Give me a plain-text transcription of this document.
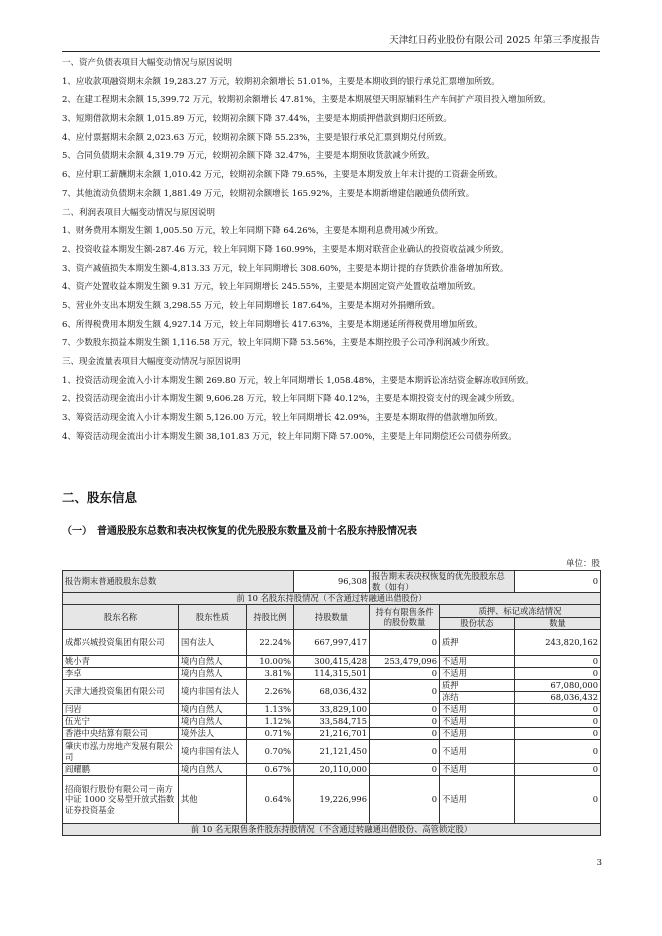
天津红日药业股份有限公司 2025 年第三季度报告
一、资产负债表项目大幅变动情况与原因说明
1、应收款项融资期末余额 19,283.27 万元，较期初余额增长 51.01%，主要是本期收到的银行承兑汇票增加所致。
2、在建工程期末余额 15,399.72 万元，较期初余额增长 47.81%，主要是本期展望天明原辅料生产车间扩产项目投入增加所致。
3、短期借款期末余额 1,015.89 万元，较期初余额下降 37.44%，主要是本期质押借款到期归还所致。
4、应付票据期末余额 2,023.63 万元，较期初余额下降 55.23%，主要是银行承兑汇票到期兑付所致。
5、合同负债期末余额 4,319.79 万元，较期初余额下降 32.47%，主要是本期预收货款减少所致。
6、应付职工薪酬期末余额 1,010.42 万元，较期初余额下降 79.65%，主要是本期发放上年末计提的工资薪金所致。
7、其他流动负债期末余额 1,881.49 万元，较期初余额增长 165.92%，主要是本期新增建信融通负债所致。
二、利润表项目大幅变动情况与原因说明
1、财务费用本期发生额 1,005.50 万元，较上年同期下降 64.26%，主要是本期利息费用减少所致。
2、投资收益本期发生额-287.46 万元，较上年同期下降 160.99%，主要是本期对联营企业确认的投资收益减少所致。
3、资产减值损失本期发生额-4,813.33 万元，较上年同期增长 308.60%，主要是本期计提的存货跌价准备增加所致。
4、资产处置收益本期发生额 9.31 万元，较上年同期增长 245.55%，主要是本期固定资产处置收益增加所致。
5、营业外支出本期发生额 3,298.55 万元，较上年同期增长 187.64%，主要是本期对外捐赠所致。
6、所得税费用本期发生额 4,927.14 万元，较上年同期增长 417.63%，主要是本期递延所得税费用增加所致。
7、少数股东损益本期发生额 1,116.58 万元，较上年同期下降 53.56%，主要是本期控股子公司净利润减少所致。
三、现金流量表项目大幅度变动情况与原因说明
1、投资活动现金流入小计本期发生额 269.80 万元，较上年同期增长 1,058.48%，主要是本期诉讼冻结资金解冻收回所致。
2、投资活动现金流出小计本期发生额 9,606.28 万元，较上年同期下降 40.12%，主要是本期投资支付的现金减少所致。
3、筹资活动现金流入小计本期发生额 5,126.00 万元，较上年同期增长 42.09%，主要是本期取得的借款增加所致。
4、筹资活动现金流出小计本期发生额 38,101.83 万元，较上年同期下降 57.00%，主要是上年同期偿还公司债券所致。
二、股东信息
（一）　普通股股东总数和表决权恢复的优先股股东数量及前十名股东持股情况表
单位：股
报告期末普通股股东总数			96,308	报告期末表决权恢复的优先股股东总数（如有）		0
前 10 名股东持股情况（不含通过转融通出借股份）						
股东名称	股东性质	持股比例	持股数量	持有有限售条件的股份数量	质押、标记或冻结情况	
					股份状态	数量
成都兴城投资集团有限公司	国有法人	22.24%	667,997,417	0	质押	243,820,162
姚小青	境内自然人	10.00%	300,415,428	253,479,096	不适用	0
李卓	境内自然人	3.81%	114,315,501	0	不适用	0
天津大通投资集团有限公司	境内非国有法人	2.26%	68,036,432	0	质押	67,080,000
					冻结	68,036,432
闫岩	境内自然人	1.13%	33,829,100	0	不适用	0
伍光宁	境内自然人	1.12%	33,584,715	0	不适用	0
香港中央结算有限公司	境外法人	0.71%	21,216,701	0	不适用	0
肇庆市泓力房地产发展有限公司	境内非国有法人	0.70%	21,121,450	0	不适用	0
阎耀鹏	境内自然人	0.67%	20,110,000	0	不适用	0
招商银行股份有限公司－南方中证 1000 交易型开放式指数证券投资基金	其他	0.64%	19,226,996	0	不适用	0
前 10 名无限售条件股东持股情况（不含通过转融通出借股份、高管锁定股）						
3
